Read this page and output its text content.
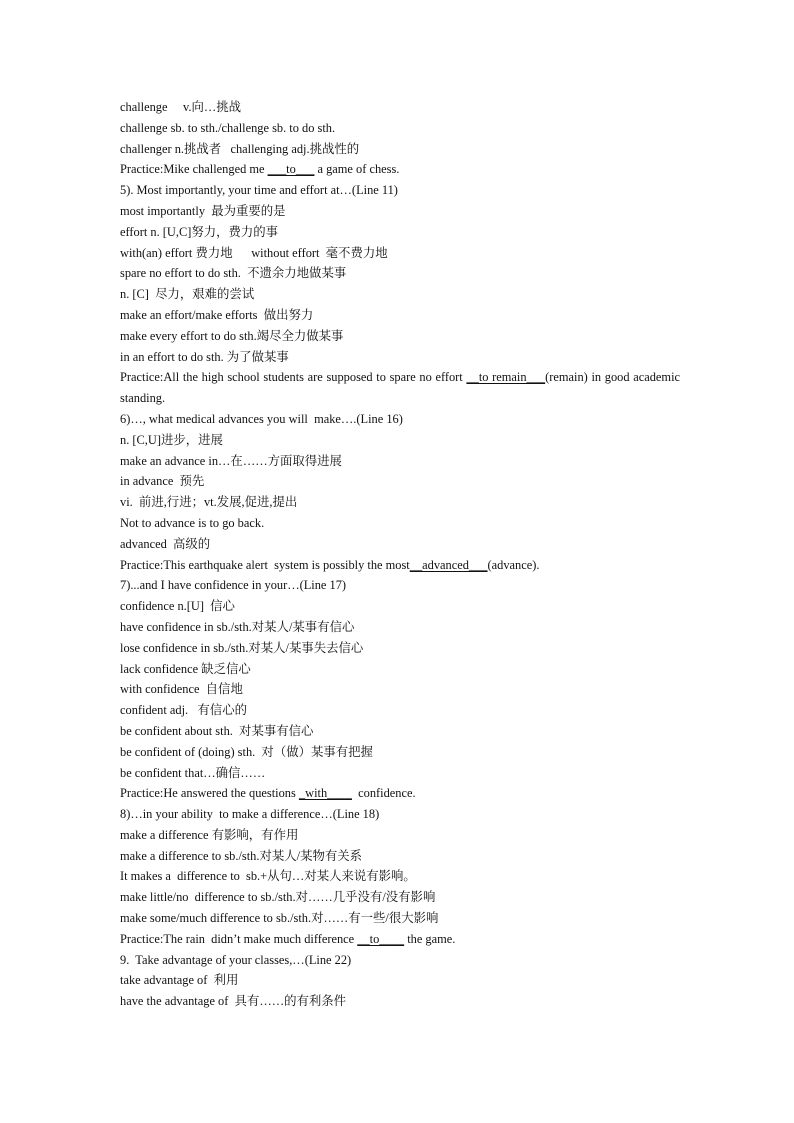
challenge     v.向…挑战
challenge sb. to sth./challenge sb. to do sth.
challenger n.挑战者   challenging adj.挑战性的
Practice:Mike challenged me ___to___ a game of chess.
5). Most importantly, your time and effort at…(Line 11)
most importantly  最为重要的是
effort n. [U,C]努力，费力的事
with(an) effort 费力地      without effort  毫不费力地
spare no effort to do sth.  不遗余力地做某事
n. [C]  尽力，艰难的尝试
make an effort/make efforts  做出努力
make every effort to do sth.竭尽全力做某事
in an effort to do sth. 为了做某事
Practice:All the high school students are supposed to spare no effort __to remain___(remain) in good academic standing.
6)…, what medical advances you will  make….(Line 16)
n. [C,U]进步，进展
make an advance in…在……方面取得进展
in advance  预先
vi.  前进,行进；vt.发展,促进,提出
Not to advance is to go back.
advanced  高级的
Practice:This earthquake alert  system is possibly the most__advanced___(advance).
7)...and I have confidence in your…(Line 17)
confidence n.[U]  信心
have confidence in sb./sth.对某人/某事有信心
lose confidence in sb./sth.对某人/某事失去信心
lack confidence 缺乏信心
with confidence  自信地
confident adj.   有信心的
be confident about sth.  对某事有信心
be confident of (doing) sth.  对（做）某事有把握
be confident that…确信……
Practice:He answered the questions _with____  confidence.
8)…in your ability  to make a difference…(Line 18)
make a difference 有影响，有作用
make a difference to sb./sth.对某人/某物有关系
It makes a  difference to  sb.+从句…对某人来说有影响。
make little/no  difference to sb./sth.对……几乎没有/没有影响
make some/much difference to sb./sth.对……有一些/很大影响
Practice:The rain  didn’t make much difference __to____ the game.
9.  Take advantage of your classes,…(Line 22)
take advantage of  利用
have the advantage of  具有……的有利条件
